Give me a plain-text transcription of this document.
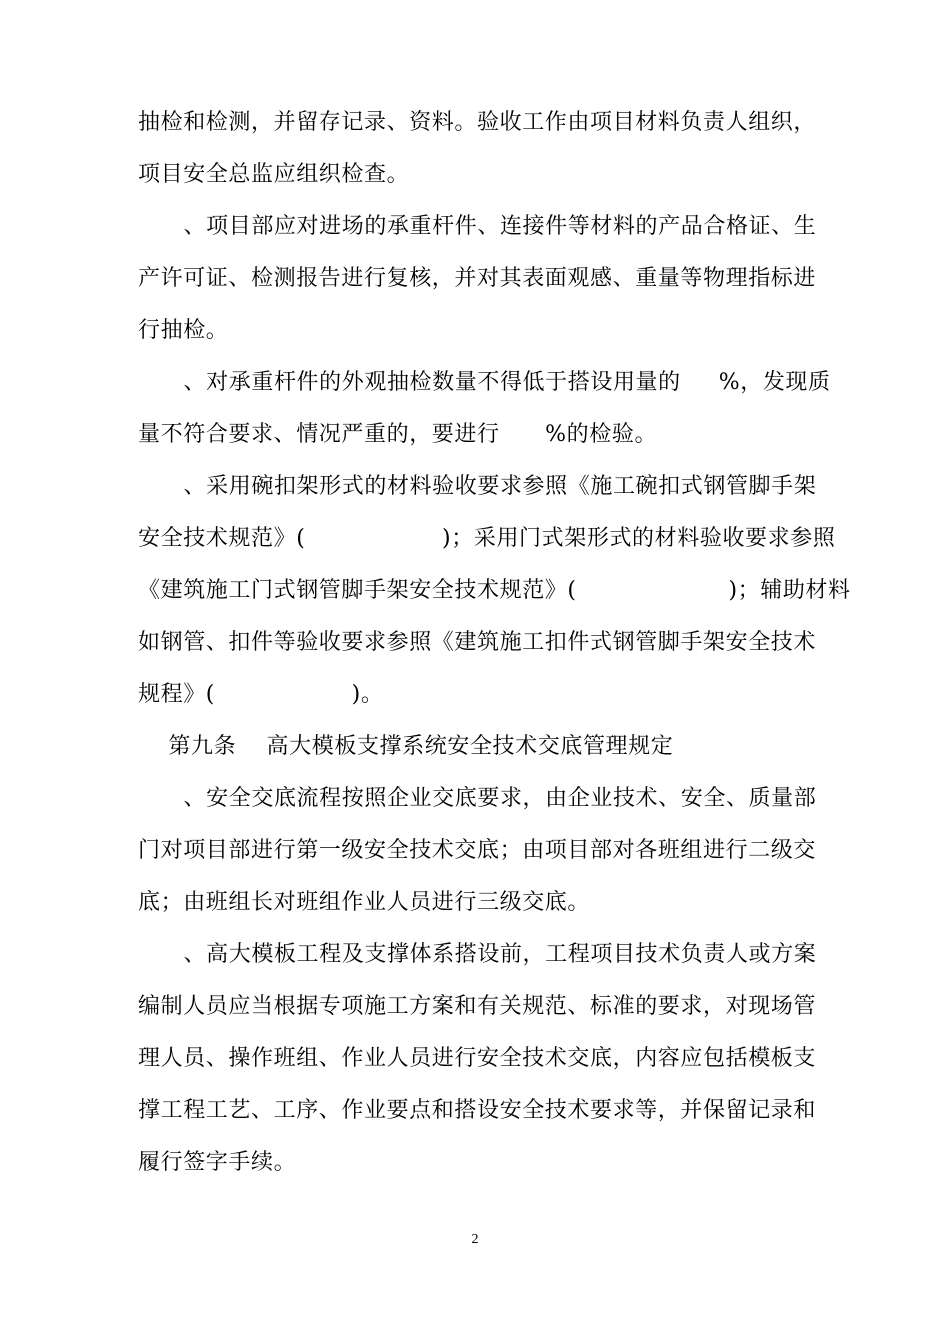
抽检和检测，并留存记录、资料。验收工作由项目材料负责人组织，
项目安全总监应组织检查。
、项目部应对进场的承重杆件、连接件等材料的产品合格证、生
产许可证、检测报告进行复核，并对其表面观感、重量等物理指标进
行抽检。
、对承重杆件的外观抽检数量不得低于搭设用量的     %，发现质
量不符合要求、情况严重的，要进行      %的检验。
、采用碗扣架形式的材料验收要求参照《施工碗扣式钢管脚手架
安全技术规范》(                  )；采用门式架形式的材料验收要求参照
《建筑施工门式钢管脚手架安全技术规范》(                    )；辅助材料
如钢管、扣件等验收要求参照《建筑施工扣件式钢管脚手架安全技术
规程》(                  )。
第九条    高大模板支撑系统安全技术交底管理规定
、安全交底流程按照企业交底要求，由企业技术、安全、质量部
门对项目部进行第一级安全技术交底；由项目部对各班组进行二级交
底；由班组长对班组作业人员进行三级交底。
、高大模板工程及支撑体系搭设前，工程项目技术负责人或方案
编制人员应当根据专项施工方案和有关规范、标准的要求，对现场管
理人员、操作班组、作业人员进行安全技术交底，内容应包括模板支
撑工程工艺、工序、作业要点和搭设安全技术要求等，并保留记录和
履行签字手续。
2
